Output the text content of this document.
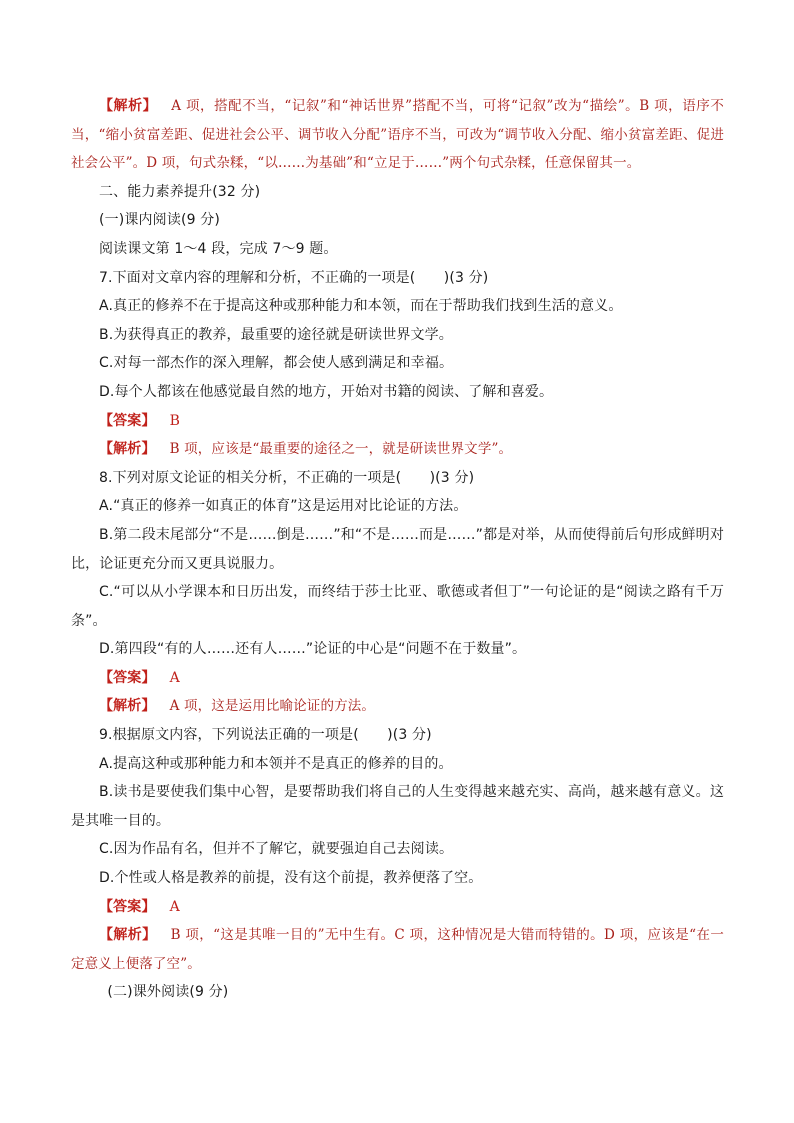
【解析】 A 项，搭配不当，“记叙”和“神话世界”搭配不当，可将“记叙”改为“描绘”。B 项，语序不当，“缩小贫富差距、促进社会公平、调节收入分配”语序不当，可改为“调节收入分配、缩小贫富差距、促进社会公平”。D 项，句式杂糅，“以……为基础”和“立足于……”两个句式杂糅，任意保留其一。

二、能力素养提升(32 分)

(一)课内阅读(9 分)

阅读课文第 1～4 段，完成 7～9 题。

7.下面对文章内容的理解和分析，不正确的一项是(　　)(3 分)

A.真正的修养不在于提高这种或那种能力和本领，而在于帮助我们找到生活的意义。

B.为获得真正的教养，最重要的途径就是研读世界文学。

C.对每一部杰作的深入理解，都会使人感到满足和幸福。

D.每个人都该在他感觉最自然的地方，开始对书籍的阅读、了解和喜爱。

【答案】 B

【解析】 B 项，应该是“最重要的途径之一，就是研读世界文学”。

8.下列对原文论证的相关分析，不正确的一项是(　　)(3 分)

A.“真正的修养一如真正的体育”这是运用对比论证的方法。

B.第二段末尾部分“不是……倒是……”和“不是……而是……”都是对举，从而使得前后句形成鲜明对比，论证更充分而又更具说服力。

C.“可以从小学课本和日历出发，而终结于莎士比亚、歌德或者但丁”一句论证的是“阅读之路有千万条”。

D.第四段“有的人……还有人……”论证的中心是“问题不在于数量”。

【答案】 A

【解析】 A 项，这是运用比喻论证的方法。

9.根据原文内容，下列说法正确的一项是(　　)(3 分)

A.提高这种或那种能力和本领并不是真正的修养的目的。

B.读书是要使我们集中心智，是要帮助我们将自己的人生变得越来越充实、高尚，越来越有意义。这是其唯一目的。

C.因为作品有名，但并不了解它，就要强迫自己去阅读。

D.个性或人格是教养的前提，没有这个前提，教养便落了空。

【答案】 A

【解析】 B 项，“这是其唯一目的”无中生有。C 项，这种情况是大错而特错的。D 项，应该是“在一定意义上便落了空”。

(二)课外阅读(9 分)
